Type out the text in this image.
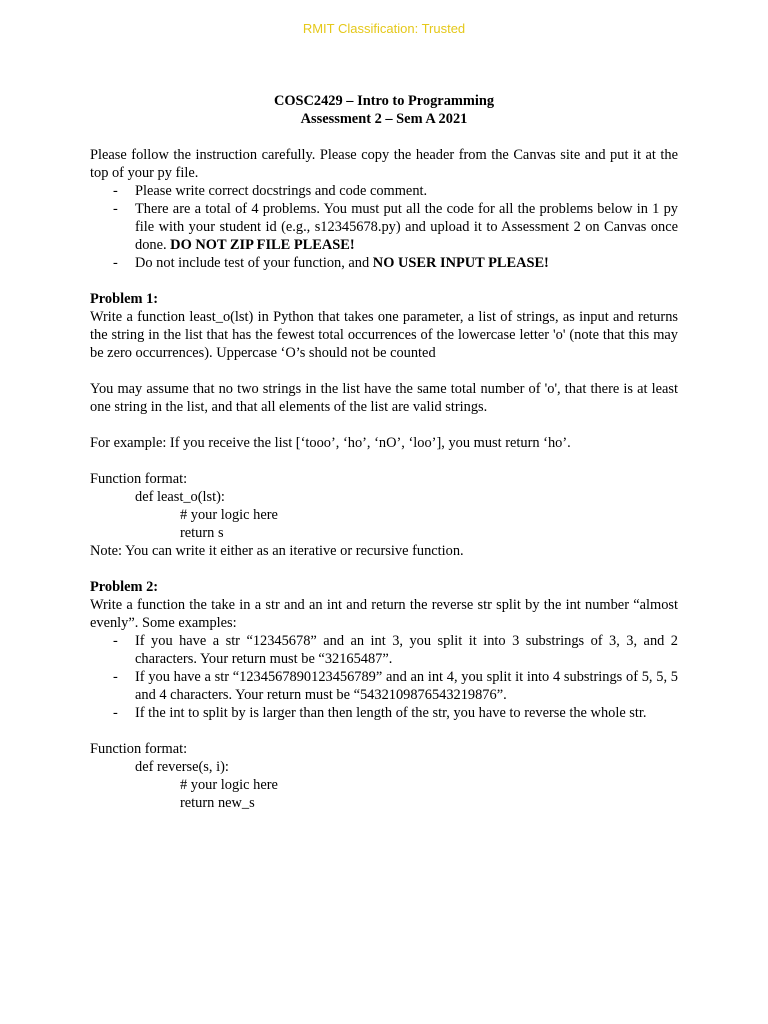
RMIT Classification: Trusted

COSC2429 – Intro to Programming

Assessment 2 – Sem A 2021

Please follow the instruction carefully. Please copy the header from the Canvas site and put it at the top of your py file.

- Please write correct docstrings and code comment.
- There are a total of 4 problems. You must put all the code for all the problems below in 1 py file with your student id (e.g., s12345678.py) and upload it to Assessment 2 on Canvas once done. DO NOT ZIP FILE PLEASE!
- Do not include test of your function, and NO USER INPUT PLEASE!

Problem 1:

Write a function least_o(lst) in Python that takes one parameter, a list of strings, as input and returns the string in the list that has the fewest total occurrences of the lowercase letter 'o' (note that this may be zero occurrences). Uppercase ‘O’s should not be counted

You may assume that no two strings in the list have the same total number of 'o', that there is at least one string in the list, and that all elements of the list are valid strings.

For example: If you receive the list [‘tooo’, ‘ho’, ‘nO’, ‘loo’], you must return ‘ho’.

Function format:

def least_o(lst):

# your logic here

return s

Note: You can write it either as an iterative or recursive function.

Problem 2:

Write a function the take in a str and an int and return the reverse str split by the int number “almost evenly”. Some examples:

- If you have a str “12345678” and an int 3, you split it into 3 substrings of 3, 3, and 2 characters. Your return must be “32165487”.
- If you have a str “1234567890123456789” and an int 4, you split it into 4 substrings of 5, 5, 5 and 4 characters. Your return must be “5432109876543219876”.
- If the int to split by is larger than then length of the str, you have to reverse the whole str.

Function format:

def reverse(s, i):

# your logic here

return new_s
